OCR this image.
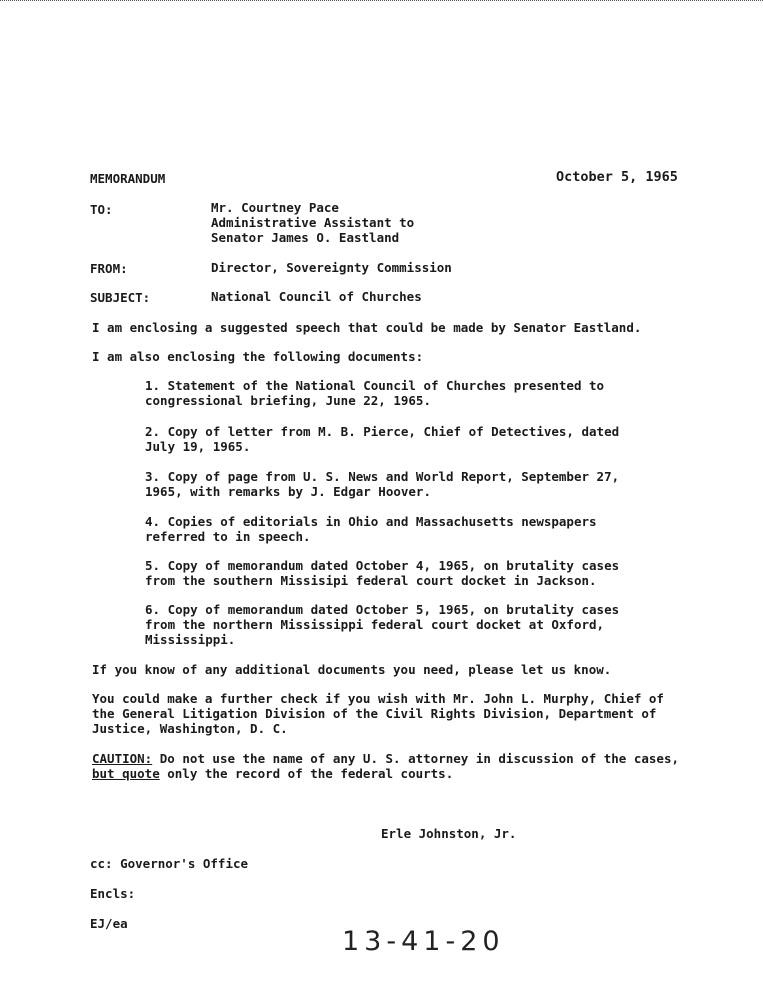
MEMORANDUM	October 5, 1965
TO:	Mr. Courtney Pace
Administrative Assistant to
Senator James O. Eastland
FROM:	Director, Sovereignty Commission
SUBJECT:	National Council of Churches
I am enclosing a suggested speech that could be made by Senator Eastland.
I am also enclosing the following documents:
1. Statement of the National Council of Churches presented to
congressional briefing, June 22, 1965.
2. Copy of letter from M. B. Pierce, Chief of Detectives, dated
July 19, 1965.
3. Copy of page from U. S. News and World Report, September 27,
1965, with remarks by J. Edgar Hoover.
4. Copies of editorials in Ohio and Massachusetts newspapers
referred to in speech.
5. Copy of memorandum dated October 4, 1965, on brutality cases
from the southern Missisipi federal court docket in Jackson.
6. Copy of memorandum dated October 5, 1965, on brutality cases
from the northern Mississippi federal court docket at Oxford,
Mississippi.
If you know of any additional documents you need, please let us know.
You could make a further check if you wish with Mr. John L. Murphy, Chief of
the General Litigation Division of the Civil Rights Division, Department of
Justice, Washington, D. C.
CAUTION: Do not use the name of any U. S. attorney in discussion of the cases,
but quote only the record of the federal courts.
Erle Johnston, Jr.
cc: Governor's Office
Encls:
EJ/ea
13-41-20
